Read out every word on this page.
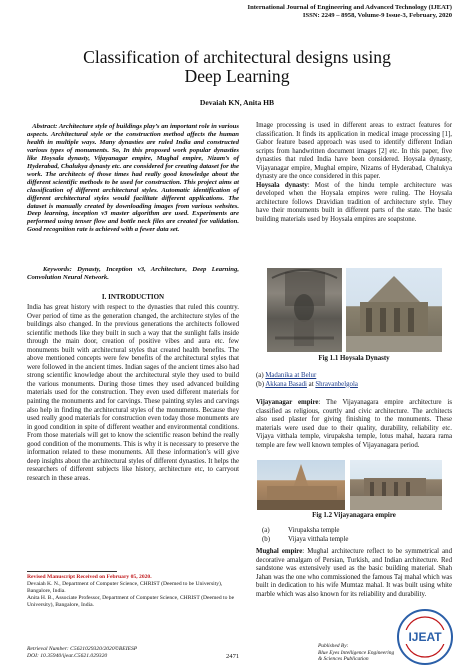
International Journal of Engineering and Advanced Technology (IJEAT)
ISSN: 2249 – 8958, Volume-9 Issue-3, February, 2020
Classification of architectural designs using
Deep Learning
Devaiah KN, Anita HB
Abstract: Architecture style of buildings play’s an important role in various aspects. Architectural style or the construction method affects the human health in multiple ways. Many dynasties are ruled India and constructed various types of monuments. So, In this proposed work popular dynasties like Hoysala dynasty, Vijayanagar empire, Mughal empire, Nizam’s of Hyderabad, Chalukya dynasty etc. are considered for creating dataset for the work. The architects of those times had really good knowledge about the different scientific methods to be used for construction. This project aims at classification of different architectural styles. Automatic identification of different architectural styles would facilitate different applications. The dataset is manually created by downloading images from various websites. Deep learning, inception v3 master algorithm are used. Experiments are performed using tenser flow and bottle neck files are created for validation. Good recognition rate is achieved with a fewer data set.
Keywords: Dynasty, Inception v3, Architecture, Deep Learning, Convolution Neural Network.
I. INTRODUCTION

India has great history with respect to the dynasties that ruled this country. Over period of time as the generation changed, the architecture styles of the buildings also changed. In the previous generations the architects followed scientific methods like they built in such a way that the sunlight falls inside through the main door, creation of positive vibes and aura etc. few monuments built with architectural styles that created health benefits. The above mentioned concepts were few benefits of the architectural styles that were followed in the ancient times. Indian sages of the ancient times also had strong scientific knowledge about the architectural style they used to build the various monuments. During those times they used advanced building materials used for the construction. They even used different materials for painting the monuments and for carvings. These painting styles and carvings also help in finding the architectural styles of the monuments. Because they used really good materials for construction even today those monuments are in good condition in spite of different weather and environmental conditions. From those materials will get to know the scientific reason behind the really good condition of the monuments. This is why it is necessary to preserve the information related to these monuments. All these information’s will give deep insights about the architectural styles of different dynasties. It helps the researchers of different subjects like history, architecture etc, to carryout research in these areas.

Revised Manuscript Received on February 05, 2020.
Devaiah K. N., Department of Computer Science, CHRIST (Deemed to be University), Bangalore, India.
Anita H. B., Associate Professor, Department of Computer Science, CHRIST (Deemed to be University), Bangalore, India.
Retrieval Number: C5621029320/2020©BEIESP
DOI: 10.35940/ijeat.C5621.029320	2471

Image processing is used in different areas to extract features for classification. It finds its application in medical image processing [1], Gabor feature based approach was used to identify different Indian scripts from handwritten document images [2] etc. In this paper, five dynasties that ruled India have been considered. Hoysala dynasty, Vijayanagar empire, Mughal empire, Nizams of Hyderabad, Chalukya dynasty are the once considered in this paper.

Hoysala dynasty: Most of the hindu temple architecture was developed when the Hoysala empires were ruling. The Hoysala architecture follows Dravidian tradition of architecture style. They have their monuments built in different parts of the state. The basic building materials used by Hoysala empires are soapstone.

Fig 1.1 Hoysala Dynasty
(a) Madanika at Belur
(b) Akkana Basadi at Shravanbelgola

Vijayanagar empire: The Vijayanagara empire architecture is classified as religious, courtly and civic architecture. The architects also used plaster for giving finishing to the monuments. These materials were used due to their quality, durability, reliability etc. Vijaya vitthala temple, virupaksha temple, lotus mahal, hazara rama temple are few well known temples of Vijayanagara period.

Fig 1.2 Vijayanagara empire
(a)	Virupaksha temple
(b)	Vijaya vitthala temple

Mughal empire: Mughal architecture reflect to be symmetrical and decorative amalgam of Persian, Turkish, and Indian architecture. Red sandstone was extensively used as the basic building material. Shah Jahan was the one who commissioned the famous Taj mahal which was built in dedication to his wife Mumtaz mahal. It was built using white marble which was also known for its reliability and durability.

Published By:
Blue Eyes Intelligence Engineering
& Sciences Publication
IJEAT
